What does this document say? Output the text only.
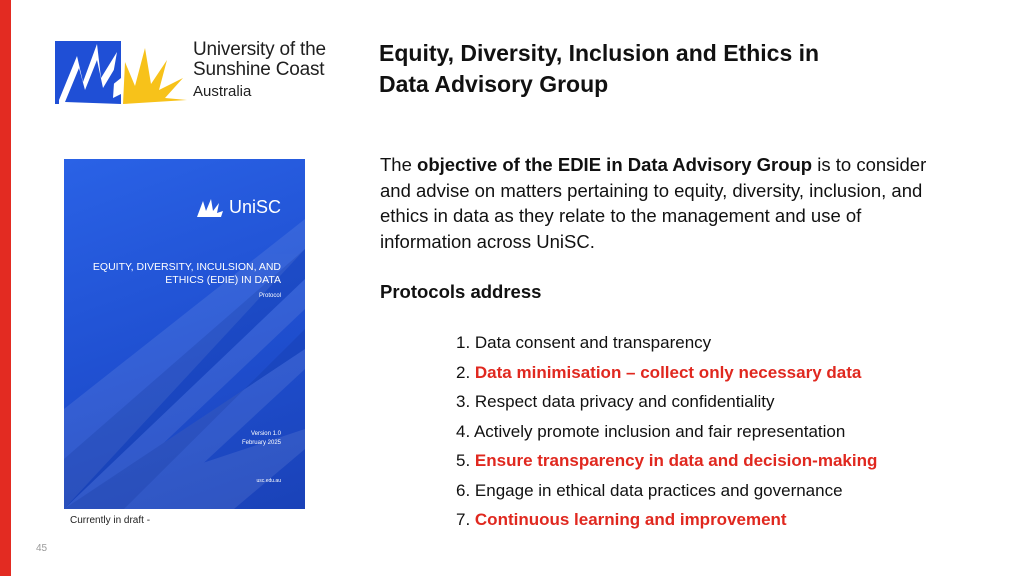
University of the
Sunshine Coast
Australia
Equity, Diversity, Inclusion and Ethics in
Data Advisory Group
UniSC
EQUITY, DIVERSITY, INCULSION, AND ETHICS (EDIE) IN DATA
Protocol
Version 1.0
February 2025
usc.edu.au
Currently in draft -
45
The objective of the EDIE in Data Advisory Group is to consider and advise on matters pertaining to equity, diversity, inclusion, and ethics in data as they relate to the management and use of information across UniSC.
Protocols address
1. Data consent and transparency
2. Data minimisation – collect only necessary data
3. Respect data privacy and confidentiality
4. Actively promote inclusion and fair representation
5. Ensure transparency in data and decision-making
6. Engage in ethical data practices and governance
7. Continuous learning and improvement
